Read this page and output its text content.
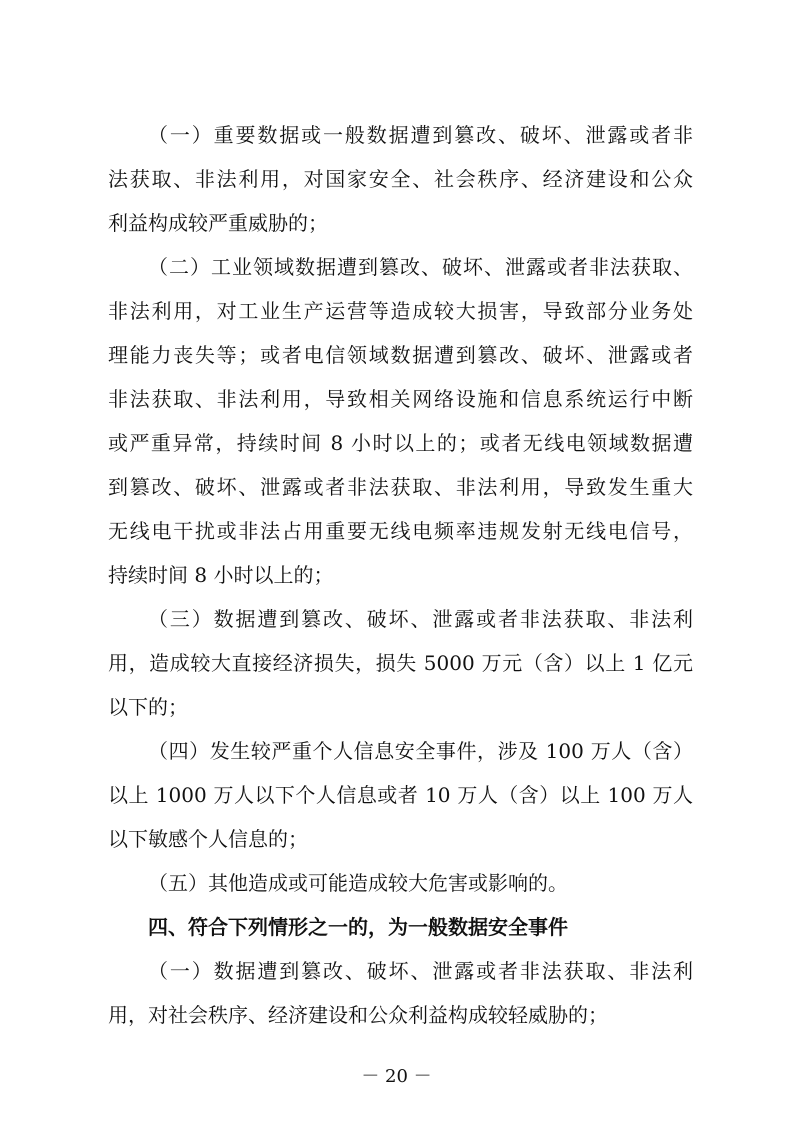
（一）重要数据或一般数据遭到篡改、破坏、泄露或者非
法获取、非法利用，对国家安全、社会秩序、经济建设和公众
利益构成较严重威胁的；
（二）工业领域数据遭到篡改、破坏、泄露或者非法获取、
非法利用，对工业生产运营等造成较大损害，导致部分业务处
理能力丧失等；或者电信领域数据遭到篡改、破坏、泄露或者
非法获取、非法利用，导致相关网络设施和信息系统运行中断
或严重异常，持续时间 8 小时以上的；或者无线电领域数据遭
到篡改、破坏、泄露或者非法获取、非法利用，导致发生重大
无线电干扰或非法占用重要无线电频率违规发射无线电信号，
持续时间 8 小时以上的；
（三）数据遭到篡改、破坏、泄露或者非法获取、非法利
用，造成较大直接经济损失，损失 5000 万元（含）以上 1 亿元
以下的；
（四）发生较严重个人信息安全事件，涉及 100 万人（含）
以上 1000 万人以下个人信息或者 10 万人（含）以上 100 万人
以下敏感个人信息的；
（五）其他造成或可能造成较大危害或影响的。
四、符合下列情形之一的，为一般数据安全事件
（一）数据遭到篡改、破坏、泄露或者非法获取、非法利
用，对社会秩序、经济建设和公众利益构成较轻威胁的；
－ 20 －
